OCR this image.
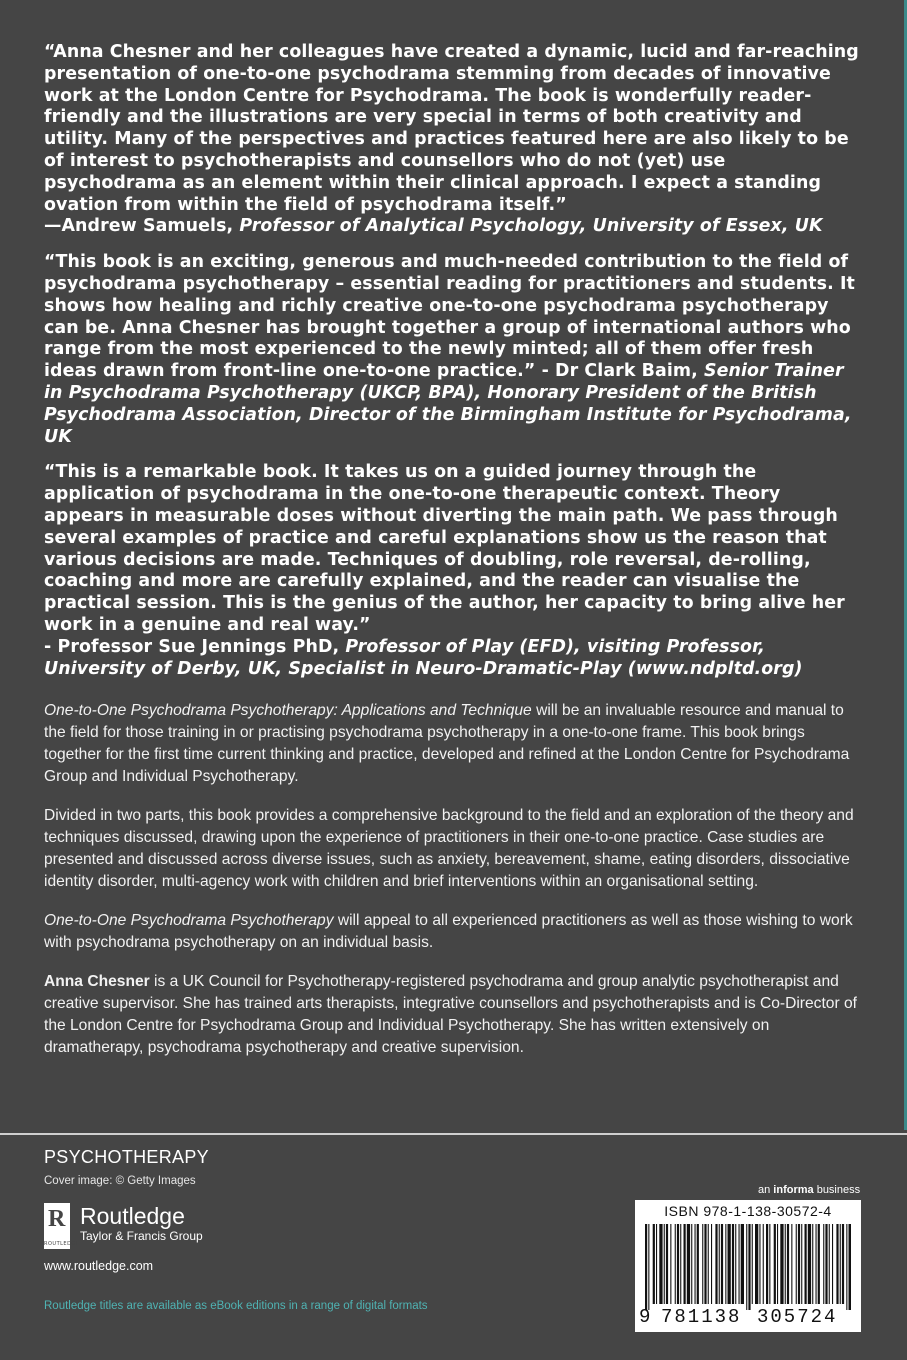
“Anna Chesner and her colleagues have created a dynamic, lucid and far-reaching presentation of one-to-one psychodrama stemming from decades of innovative work at the London Centre for Psychodrama. The book is wonderfully reader-friendly and the illustrations are very special in terms of both creativity and utility. Many of the perspectives and practices featured here are also likely to be of interest to psychotherapists and counsellors who do not (yet) use psychodrama as an element within their clinical approach. I expect a standing ovation from within the field of psychodrama itself.”
—Andrew Samuels, Professor of Analytical Psychology, University of Essex, UK

“This book is an exciting, generous and much-needed contribution to the field of psychodrama psychotherapy – essential reading for practitioners and students. It shows how healing and richly creative one-to-one psychodrama psychotherapy can be. Anna Chesner has brought together a group of international authors who range from the most experienced to the newly minted; all of them offer fresh ideas drawn from front-line one-to-one practice.” - Dr Clark Baim, Senior Trainer in Psychodrama Psychotherapy (UKCP, BPA), Honorary President of the British Psychodrama Association, Director of the Birmingham Institute for Psychodrama, UK

“This is a remarkable book. It takes us on a guided journey through the application of psychodrama in the one-to-one therapeutic context. Theory appears in measurable doses without diverting the main path. We pass through several examples of practice and careful explanations show us the reason that various decisions are made. Techniques of doubling, role reversal, de-rolling, coaching and more are carefully explained, and the reader can visualise the practical session. This is the genius of the author, her capacity to bring alive her work in a genuine and real way.”
- Professor Sue Jennings PhD, Professor of Play (EFD), visiting Professor, University of Derby, UK, Specialist in Neuro-Dramatic-Play (www.ndpltd.org)

One-to-One Psychodrama Psychotherapy: Applications and Technique will be an invaluable resource and manual to the field for those training in or practising psychodrama psychotherapy in a one-to-one frame. This book brings together for the first time current thinking and practice, developed and refined at the London Centre for Psychodrama Group and Individual Psychotherapy.

Divided in two parts, this book provides a comprehensive background to the field and an exploration of the theory and techniques discussed, drawing upon the experience of practitioners in their one-to-one practice. Case studies are presented and discussed across diverse issues, such as anxiety, bereavement, shame, eating disorders, dissociative identity disorder, multi-agency work with children and brief interventions within an organisational setting.

One-to-One Psychodrama Psychotherapy will appeal to all experienced practitioners as well as those wishing to work with psychodrama psychotherapy on an individual basis.

Anna Chesner is a UK Council for Psychotherapy-registered psychodrama and group analytic psychotherapist and creative supervisor. She has trained arts therapists, integrative counsellors and psychotherapists and is Co-Director of the London Centre for Psychodrama Group and Individual Psychotherapy. She has written extensively on dramatherapy, psychodrama psychotherapy and creative supervision.

PSYCHOTHERAPY
Cover image: © Getty Images
R
ROUTLEDGE
Routledge
Taylor & Francis Group
www.routledge.com
Routledge titles are available as eBook editions in a range of digital formats
an informa business
ISBN 978-1-138-30572-4
9 781138 305724
